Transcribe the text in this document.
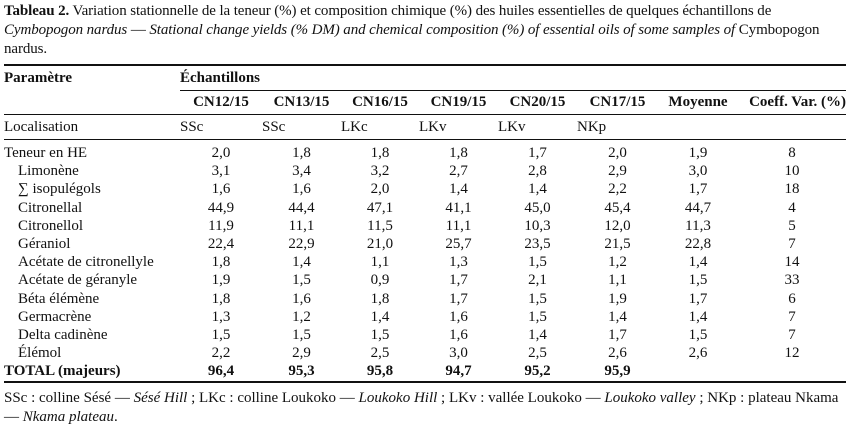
Tableau 2. Variation stationnelle de la teneur (%) et composition chimique (%) des huiles essentielles de quelques échantillons de Cymbopogon nardus — Stational change yields (% DM) and chemical composition (%) of essential oils of some samples of Cymbopogon nardus.
Paramètre	Échantillons							
	CN12/15	CN13/15	CN16/15	CN19/15	CN20/15	CN17/15	Moyenne	Coeff. Var. (%)
Localisation	SSc	SSc	LKc	LKv	LKv	NKp		

Teneur en HE	2,0	1,8	1,8	1,8	1,7	2,0	1,9	8
Limonène	3,1	3,4	3,2	2,7	2,8	2,9	3,0	10
∑ isopulégols	1,6	1,6	2,0	1,4	1,4	2,2	1,7	18
Citronellal	44,9	44,4	47,1	41,1	45,0	45,4	44,7	4
Citronellol	11,9	11,1	11,5	11,1	10,3	12,0	11,3	5
Géraniol	22,4	22,9	21,0	25,7	23,5	21,5	22,8	7
Acétate de citronellyle	1,8	1,4	1,1	1,3	1,5	1,2	1,4	14
Acétate de géranyle	1,9	1,5	0,9	1,7	2,1	1,1	1,5	33
Béta élémène	1,8	1,6	1,8	1,7	1,5	1,9	1,7	6
Germacrène	1,3	1,2	1,4	1,6	1,5	1,4	1,4	7
Delta cadinène	1,5	1,5	1,5	1,6	1,4	1,7	1,5	7
Élémol	2,2	2,9	2,5	3,0	2,5	2,6	2,6	12
TOTAL (majeurs)	96,4	95,3	95,8	94,7	95,2	95,9		
SSc : colline Sésé — Sésé Hill ; LKc : colline Loukoko — Loukoko Hill ; LKv : vallée Loukoko — Loukoko valley ; NKp : plateau Nkama — Nkama plateau.
